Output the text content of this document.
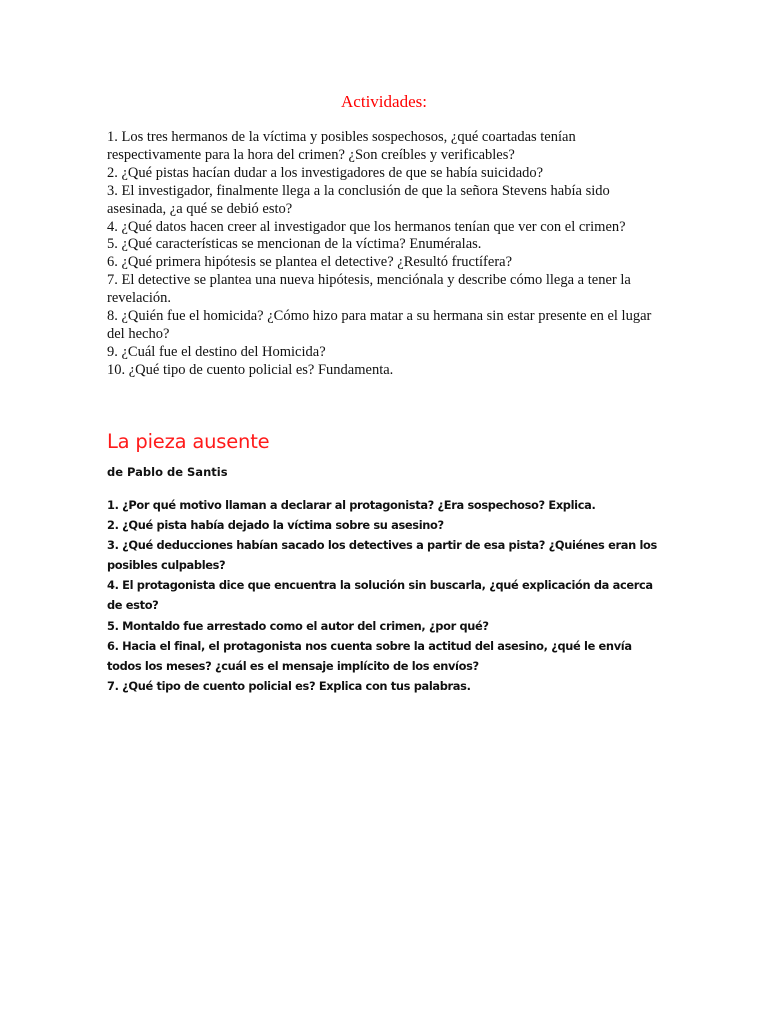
Actividades:

1. Los tres hermanos de la víctima y posibles sospechosos, ¿qué coartadas tenían respectivamente para la hora del crimen? ¿Son creíbles y verificables?

2. ¿Qué pistas hacían dudar a los investigadores de que se había suicidado?

3. El investigador, finalmente llega a la conclusión de que la señora Stevens había sido asesinada, ¿a qué se debió esto?

4. ¿Qué datos hacen creer al investigador que los hermanos tenían que ver con el crimen?

5. ¿Qué características se mencionan de la víctima? Enuméralas.

6. ¿Qué primera hipótesis se plantea el detective? ¿Resultó fructífera?

7. El detective se plantea una nueva hipótesis, menciónala y describe cómo llega a tener la revelación.

8. ¿Quién fue el homicida? ¿Cómo hizo para matar a su hermana sin estar presente en el lugar del hecho?

9. ¿Cuál fue el destino del Homicida?

10. ¿Qué tipo de cuento policial es? Fundamenta.

La pieza ausente
de Pablo de Santis

1. ¿Por qué motivo llaman a declarar al protagonista? ¿Era sospechoso? Explica.

2. ¿Qué pista había dejado la víctima sobre su asesino?

3. ¿Qué deducciones habían sacado los detectives a partir de esa pista? ¿Quiénes eran los posibles culpables?

4. El protagonista dice que encuentra la solución sin buscarla, ¿qué explicación da acerca de esto?

5. Montaldo fue arrestado como el autor del crimen, ¿por qué?

6. Hacia el final, el protagonista nos cuenta sobre la actitud del asesino, ¿qué le envía todos los meses? ¿cuál es el mensaje implícito de los envíos?

7. ¿Qué tipo de cuento policial es? Explica con tus palabras.
